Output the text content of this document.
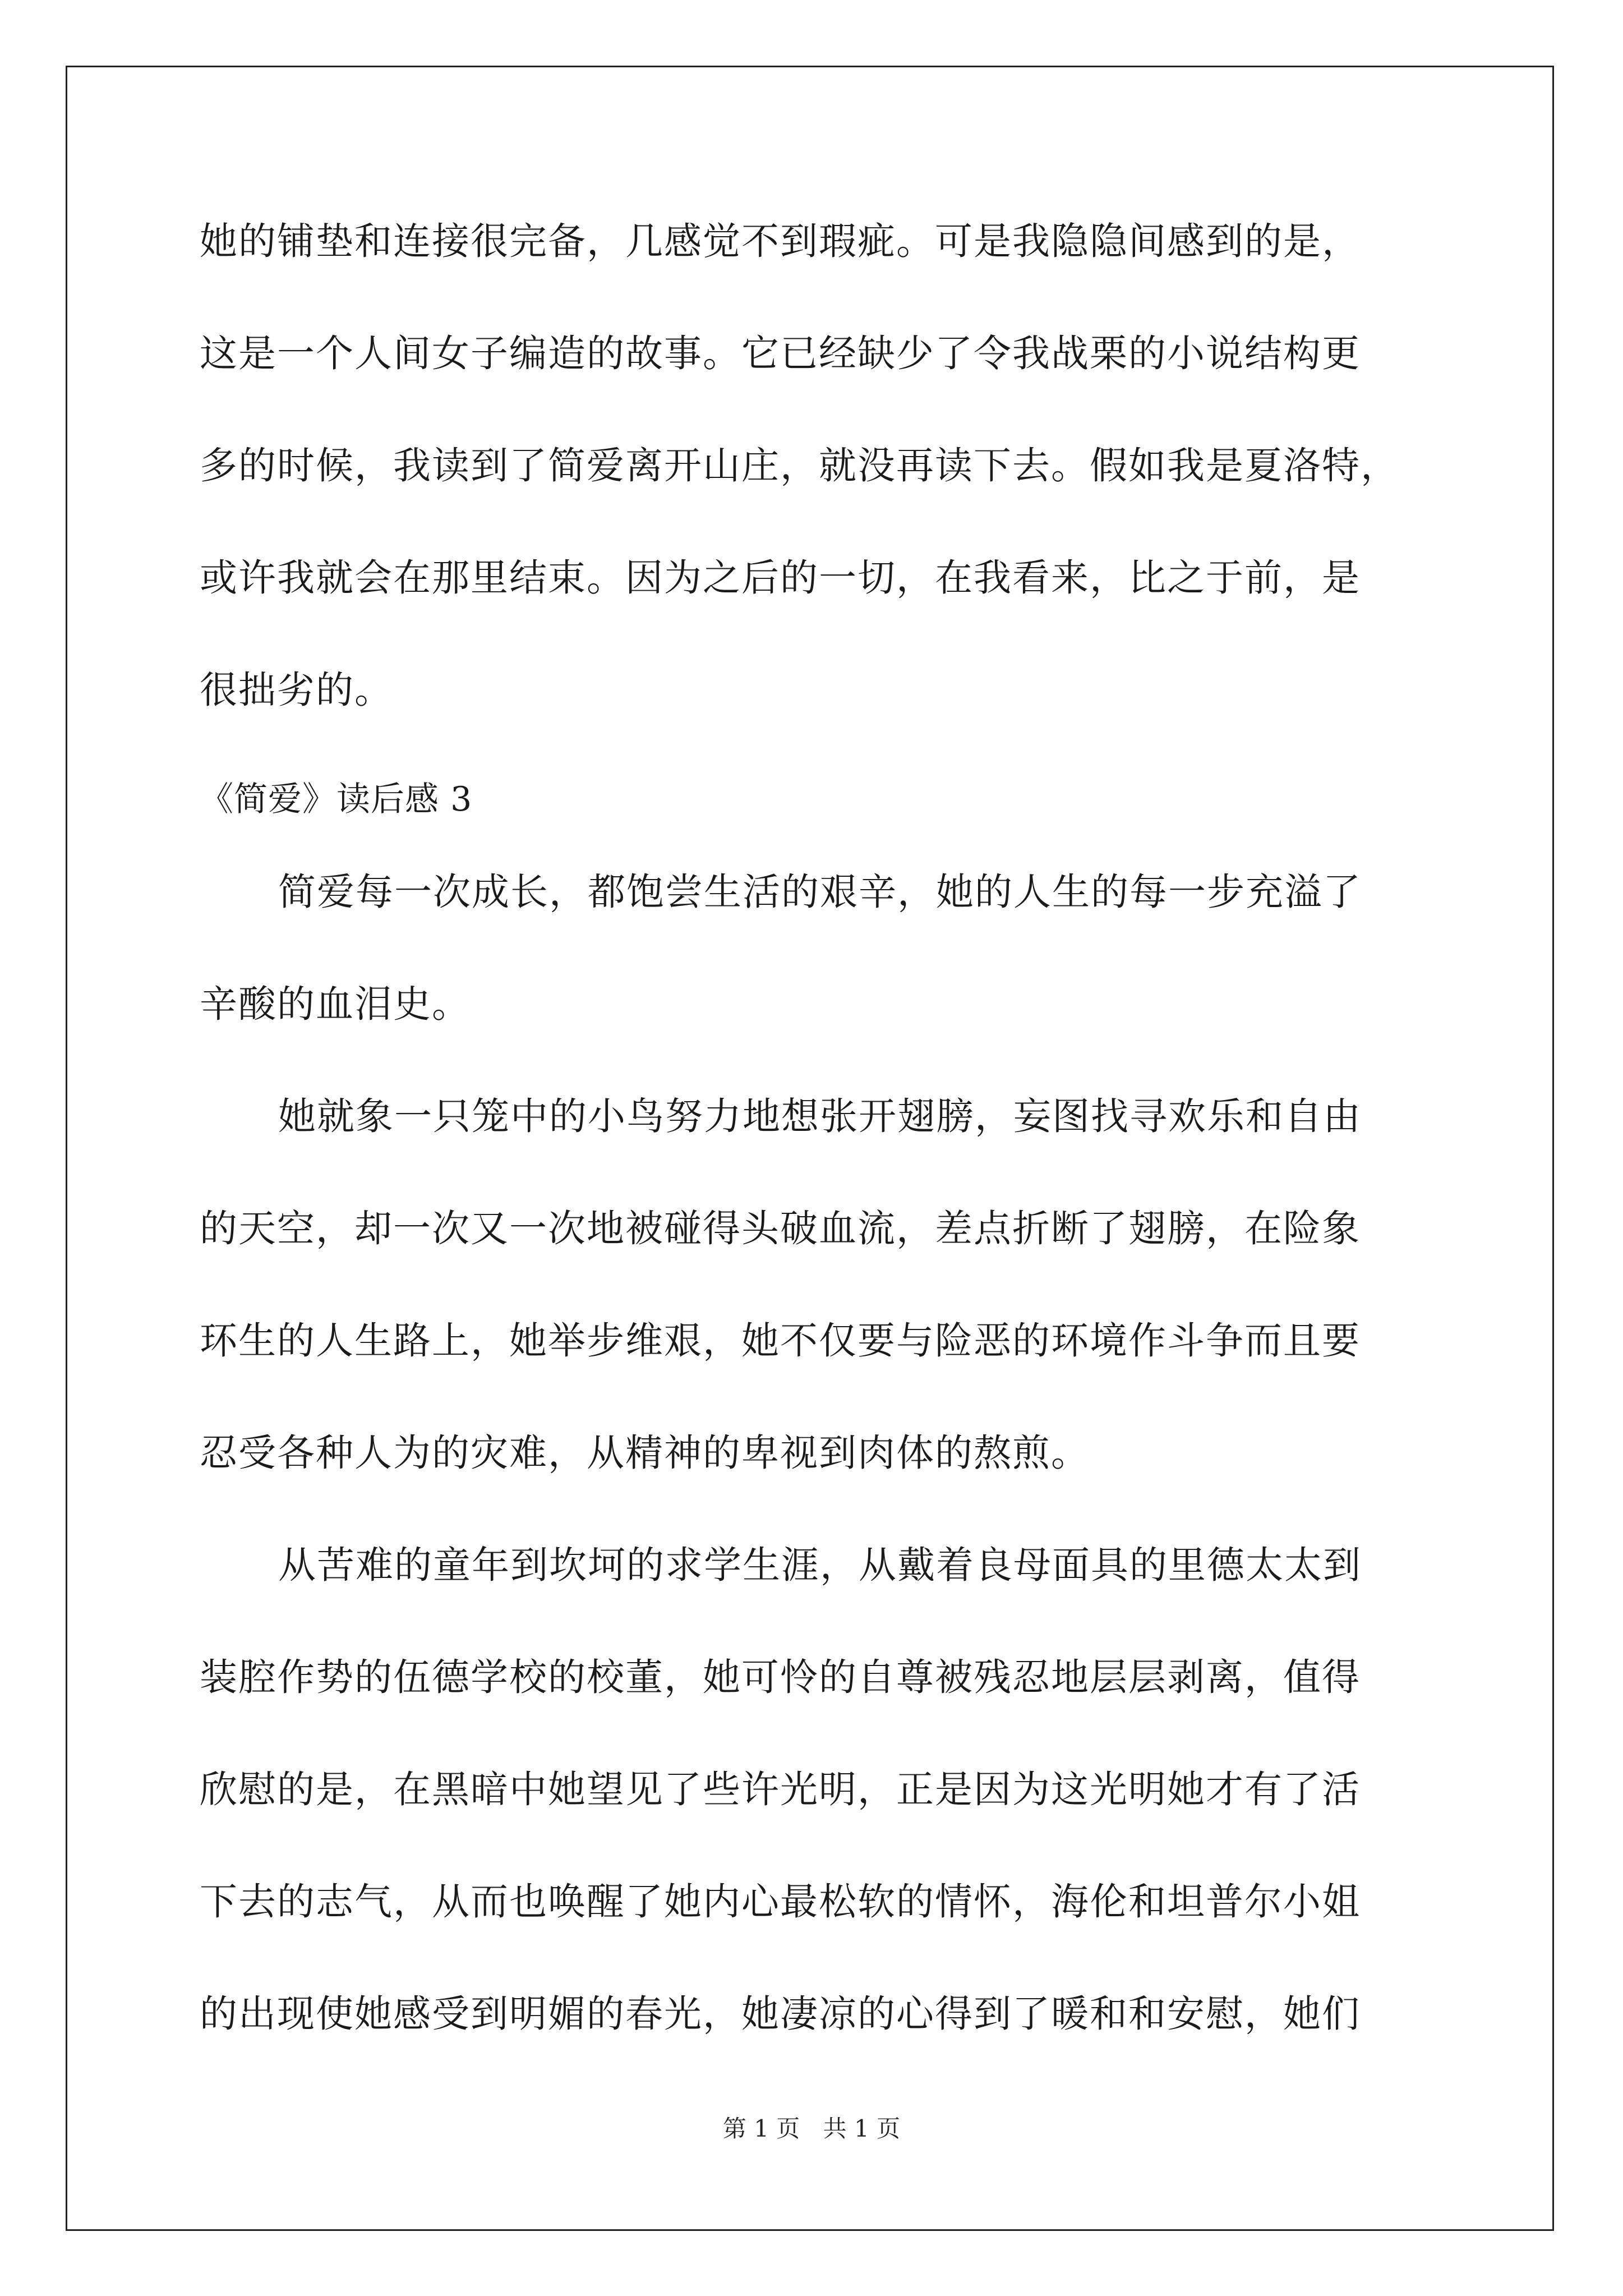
她的铺垫和连接很完备，几感觉不到瑕疵。可是我隐隐间感到的是，
这是一个人间女子编造的故事。它已经缺少了令我战栗的小说结构更
多的时候，我读到了简爱离开山庄，就没再读下去。假如我是夏洛特，
或许我就会在那里结束。因为之后的一切，在我看来，比之于前，是
很拙劣的。
《简爱》读后感 3
简爱每一次成长，都饱尝生活的艰辛，她的人生的每一步充溢了
辛酸的血泪史。
她就象一只笼中的小鸟努力地想张开翅膀，妄图找寻欢乐和自由
的天空，却一次又一次地被碰得头破血流，差点折断了翅膀，在险象
环生的人生路上，她举步维艰，她不仅要与险恶的环境作斗争而且要
忍受各种人为的灾难，从精神的卑视到肉体的熬煎。
从苦难的童年到坎坷的求学生涯，从戴着良母面具的里德太太到
装腔作势的伍德学校的校董，她可怜的自尊被残忍地层层剥离，值得
欣慰的是，在黑暗中她望见了些许光明，正是因为这光明她才有了活
下去的志气，从而也唤醒了她内心最松软的情怀，海伦和坦普尔小姐
的出现使她感受到明媚的春光，她凄凉的心得到了暖和和安慰，她们
第 1 页 共 1 页
